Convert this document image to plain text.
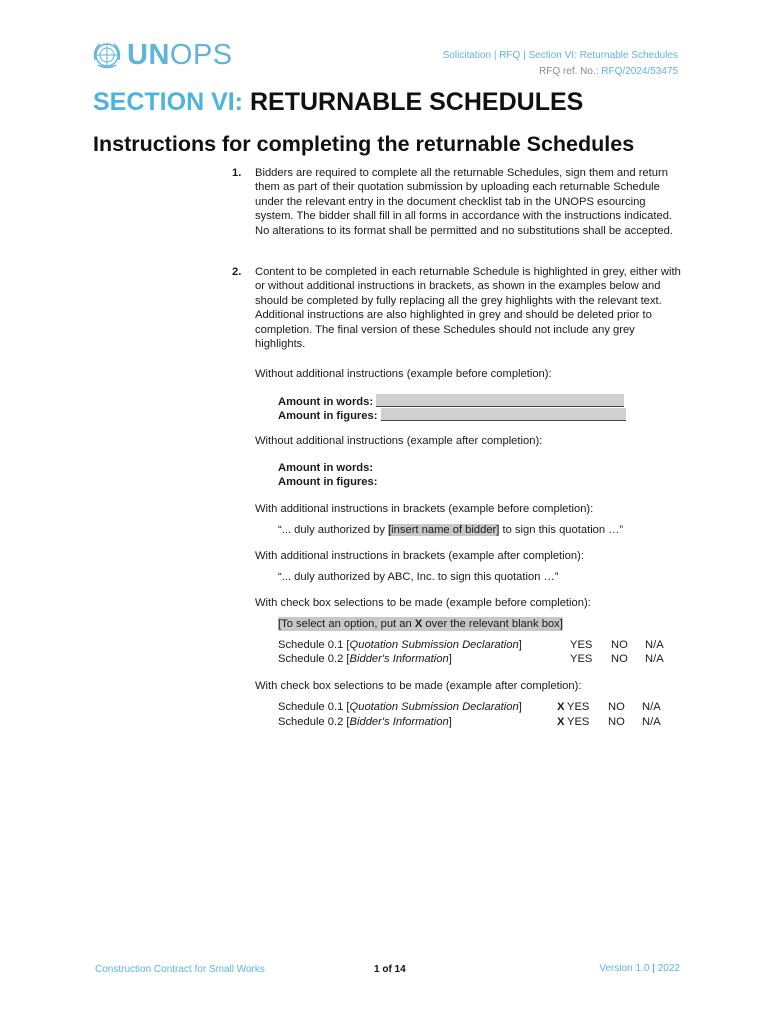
UNOPS	Solicitation | RFQ | Section VI: Returnable Schedules
RFQ ref. No.: RFQ/2024/53475
SECTION VI: RETURNABLE SCHEDULES
Instructions for completing the returnable Schedules
1. Bidders are required to complete all the returnable Schedules, sign them and return them as part of their quotation submission by uploading each returnable Schedule under the relevant entry in the document checklist tab in the UNOPS esourcing system. The bidder shall fill in all forms in accordance with the instructions indicated. No alterations to its format shall be permitted and no substitutions shall be accepted.
2. Content to be completed in each returnable Schedule is highlighted in grey, either with or without additional instructions in brackets, as shown in the examples below and should be completed by fully replacing all the grey highlights with the relevant text. Additional instructions are also highlighted in grey and should be deleted prior to completion. The final version of these Schedules should not include any grey highlights.
Without additional instructions (example before completion):
Amount in words:
Amount in figures:
Without additional instructions (example after completion):
Amount in words:
Amount in figures:
With additional instructions in brackets (example before completion):
“... duly authorized by [insert name of bidder] to sign this quotation …”
With additional instructions in brackets (example after completion):
“... duly authorized by ABC, Inc. to sign this quotation …”
With check box selections to be made (example before completion):
[To select an option, put an X over the relevant blank box]
Schedule 0.1 [Quotation Submission Declaration]	YES NO N/A
Schedule 0.2 [Bidder's Information]	YES NO N/A
With check box selections to be made (example after completion):
Schedule 0.1 [Quotation Submission Declaration]	X YES NO N/A
Schedule 0.2 [Bidder's Information]	X YES NO N/A
Construction Contract for Small Works	1 of 14	Version 1.0 | 2022
